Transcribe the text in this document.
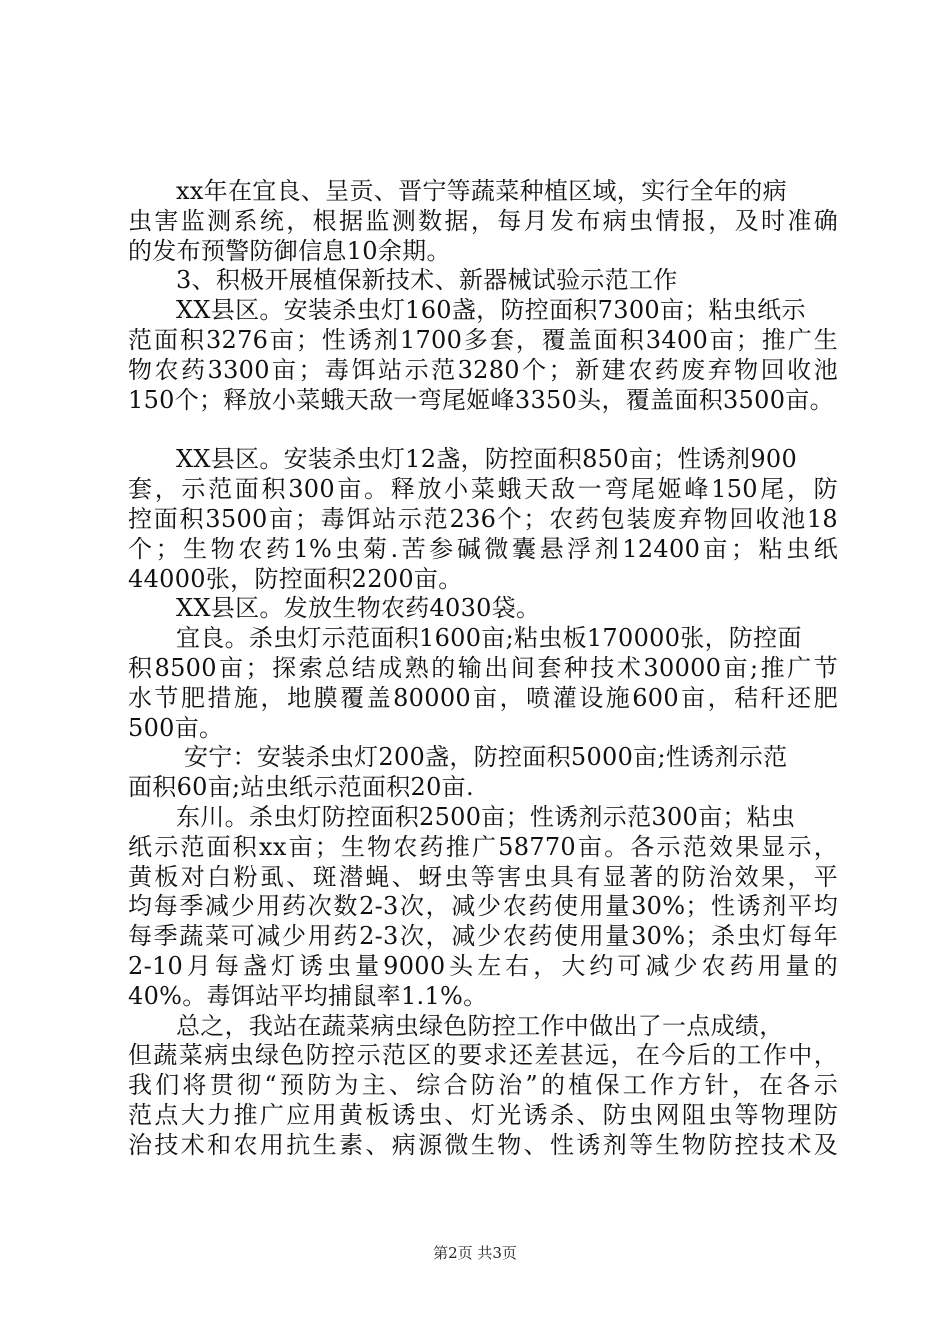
xx年在宜良、呈贡、晋宁等蔬菜种植区域，实行全年的病
虫害监测系统，根据监测数据，每月发布病虫情报，及时准确
的发布预警防御信息10余期。
3、积极开展植保新技术、新器械试验示范工作
XX县区。安装杀虫灯160盏，防控面积7300亩；粘虫纸示
范面积3276亩；性诱剂1700多套，覆盖面积3400亩；推广生
物农药3300亩；毒饵站示范3280个；新建农药废弃物回收池
150个；释放小菜蛾天敌一弯尾姬峰3350头，覆盖面积3500亩。
XX县区。安装杀虫灯12盏，防控面积850亩；性诱剂900
套，示范面积300亩。释放小菜蛾天敌一弯尾姬峰150尾，防
控面积3500亩；毒饵站示范236个；农药包装废弃物回收池18
个；生物农药1%虫菊.苦参碱微囊悬浮剂12400亩；粘虫纸
44000张，防控面积2200亩。
XX县区。发放生物农药4030袋。
宜良。杀虫灯示范面积1600亩;粘虫板170000张，防控面
积8500亩；探索总结成熟的输出间套种技术30000亩;推广节
水节肥措施，地膜覆盖80000亩，喷灌设施600亩，秸秆还肥
500亩。
安宁：安装杀虫灯200盏，防控面积5000亩;性诱剂示范
面积60亩;站虫纸示范面积20亩.
东川。杀虫灯防控面积2500亩；性诱剂示范300亩；粘虫
纸示范面积xx亩；生物农药推广58770亩。各示范效果显示，
黄板对白粉虱、斑潜蝇、蚜虫等害虫具有显著的防治效果，平
均每季减少用药次数2-3次，减少农药使用量30%；性诱剂平均
每季蔬菜可减少用药2-3次，减少农药使用量30%；杀虫灯每年
2-10月每盏灯诱虫量9000头左右，大约可减少农药用量的
40%。毒饵站平均捕鼠率1.1%。
总之，我站在蔬菜病虫绿色防控工作中做出了一点成绩，
但蔬菜病虫绿色防控示范区的要求还差甚远，在今后的工作中，
我们将贯彻“预防为主、综合防治”的植保工作方针，在各示
范点大力推广应用黄板诱虫、灯光诱杀、防虫网阻虫等物理防
治技术和农用抗生素、病源微生物、性诱剂等生物防控技术及
第2页 共3页
